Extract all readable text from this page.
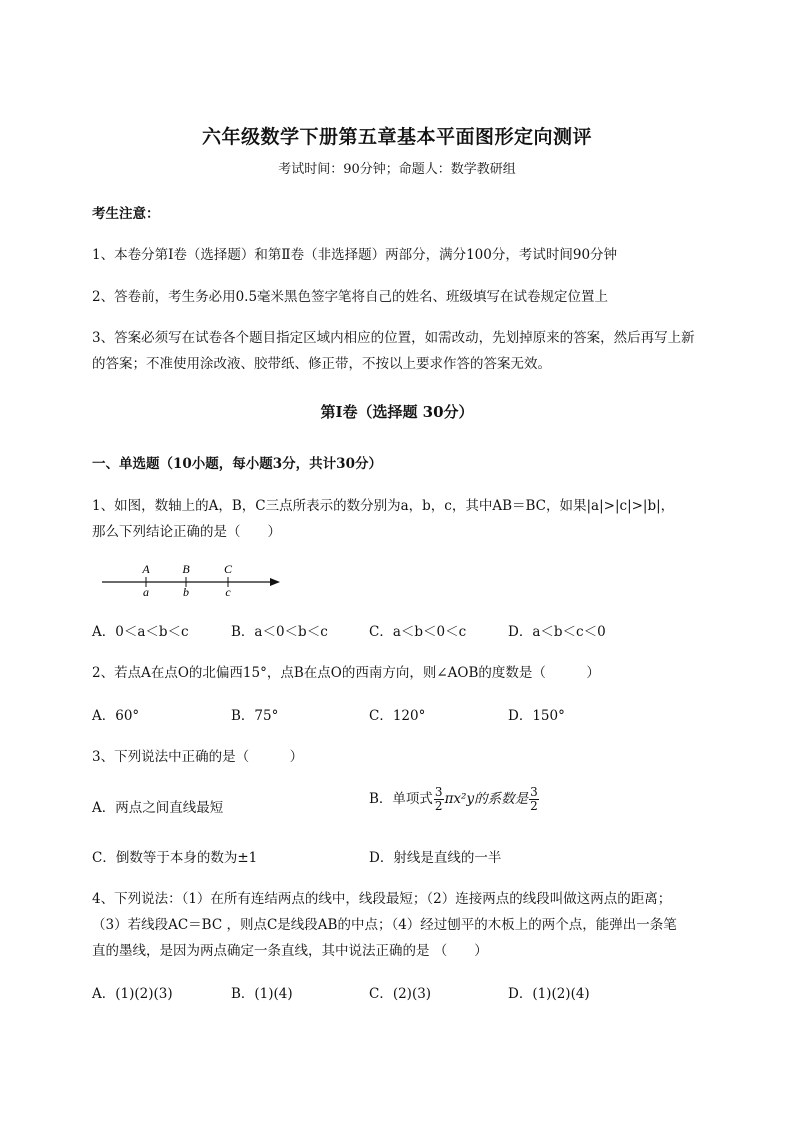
六年级数学下册第五章基本平面图形定向测评
考试时间：90分钟；命题人：数学教研组
考生注意：
1、本卷分第I卷（选择题）和第Ⅱ卷（非选择题）两部分，满分100分，考试时间90分钟
2、答卷前，考生务必用0.5毫米黑色签字笔将自己的姓名、班级填写在试卷规定位置上
3、答案必须写在试卷各个题目指定区域内相应的位置，如需改动，先划掉原来的答案，然后再写上新
的答案；不准使用涂改液、胶带纸、修正带，不按以上要求作答的答案无效。
第I卷（选择题 30分）
一、单选题（10小题，每小题3分，共计30分）
1、如图，数轴上的A，B，C三点所表示的数分别为a，b，c，其中AB＝BC，如果|a|>|c|>|b|，
那么下列结论正确的是（　　）
A	B	C
a	b	c
A．0＜a＜b＜c	B．a＜0＜b＜c	C．a＜b＜0＜c	D．a＜b＜c＜0
2、若点A在点O的北偏西15°，点B在点O的西南方向，则∠AOB的度数是（　　　）
A．60°	B．75°	C．120°	D．150°
3、下列说法中正确的是（　　　）
A．两点之间直线最短
B．单项式 $\frac{3}{2} \pi x^2y$的系数是 $\frac{3}{2}$
C．倒数等于本身的数为±1	D．射线是直线的一半
4、下列说法：（1）在所有连结两点的线中，线段最短；（2）连接两点的线段叫做这两点的距离；
（3）若线段AC＝BC ，则点C是线段AB的中点；（4）经过刨平的木板上的两个点，能弹出一条笔
直的墨线，是因为两点确定一条直线，其中说法正确的是 （　　）
A．(1)(2)(3)	B．(1)(4)	C．(2)(3)	D．(1)(2)(4)
